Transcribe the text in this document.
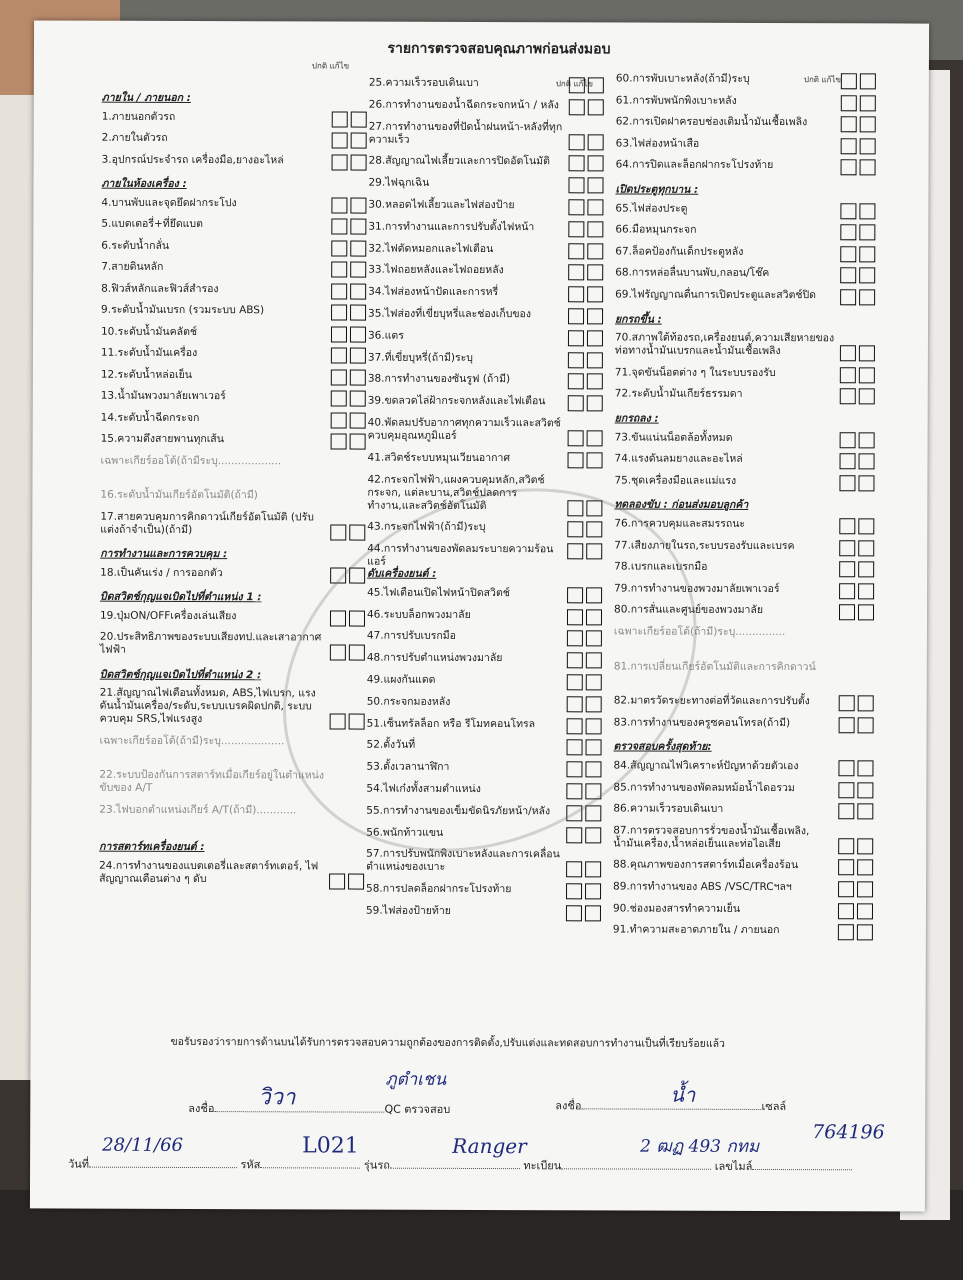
รายการตรวจสอบคุณภาพก่อนส่งมอบ
ปกติ แก้ไข
ปกติ แก้ไข	ปกติ แก้ไข
ภายใน / ภายนอก :
1.ภายนอกตัวรถ
2.ภายในตัวรถ
3.อุปกรณ์ประจำรถ เครื่องมือ,ยางอะไหล่
ภายในห้องเครื่อง :
4.บานพับและจุดยึดฝากระโปง
5.แบตเตอรี่+ที่ยึดแบต
6.ระดับน้ำกลั่น
7.สายดินหลัก
8.ฟิวส์หลักและฟิวส์สำรอง
9.ระดับน้ำมันเบรก (รวมระบบ ABS)
10.ระดับน้ำมันคลัตช์
11.ระดับน้ำมันเครื่อง
12.ระดับน้ำหล่อเย็น
13.น้ำมันพวงมาลัยเพาเวอร์
14.ระดับน้ำฉีดกระจก
15.ความตึงสายพานทุกเส้น
เฉพาะเกียร์ออโต้(ถ้ามีระบุ...................
16.ระดับน้ำมันเกียร์อัตโนมัติ(ถ้ามี)
17.สายควบคุมการคิกดาวน์เกียร์อัตโนมัติ (ปรับแต่งถ้าจำเป็น)(ถ้ามี)
การทำงานและการควบคุม :
18.เป็นคันเร่ง / การออกตัว
บิดสวิตช์กุญแจเบิดไปที่ตำแหน่ง 1 :
19.ปุ่มON/OFFเครื่องเล่นเสียง
20.ประสิทธิภาพของระบบเสียงทป.และเสาอากาศไฟฟ้า
บิดสวิตช์กุญแจเบิดไปที่ตำแหน่ง 2 :
21.สัญญาณไฟเตือนทั้งหมด, ABS,ไฟเบรก, แรงดันน้ำมันเครื่อง/ระดับ,ระบบเบรคผิดปกติ, ระบบควบคุม SRS,ไฟแรงสูง
เฉพาะเกียร์ออโต้(ถ้ามี)ระบุ...................
22.ระบบป้องกันการสตาร์ทเมื่อเกียร์อยู่ในตำแหน่งขับของ A/T
23.ไฟบอกตำแหน่งเกียร์ A/T(ถ้ามี)............
การสตาร์ทเครื่องยนต์ :
24.การทำงานของแบตเตอรี่และสตาร์ทเตอร์, ไฟสัญญาณเตือนต่าง ๆ ดับ
25.ความเร็วรอบเดินเบา
26.การทำงานของน้ำฉีดกระจกหน้า / หลัง
27.การทำงานของที่ปัดน้ำฝนหน้า-หลังที่ทุกความเร็ว
28.สัญญาณไฟเลี้ยวและการปิดอัตโนมัติ
29.ไฟฉุกเฉิน
30.หลอดไฟเลี้ยวและไฟส่องป้าย
31.การทำงานและการปรับตั้งไฟหน้า
32.ไฟตัดหมอกและไฟเตือน
33.ไฟถอยหลังและไฟถอยหลัง
34.ไฟส่องหน้าปัดและการหรี่
35.ไฟส่องที่เขี่ยบุหรี่และช่องเก็บของ
36.แตร
37.ที่เขี่ยบุหรี่(ถ้ามี)ระบุ
38.การทำงานของซันรูฟ (ถ้ามี)
39.ขดลวดไล่ฝ้ากระจกหลังและไฟเตือน
40.พัดลมปรับอากาศทุกความเร็วและสวิตช์ควบคุมอุณหภูมิแอร์
41.สวิตช์ระบบหมุนเวียนอากาศ
42.กระจกไฟฟ้า,แผงควบคุมหลัก,สวิตช์กระจก, แต่ละบาน,สวิตช์ปลดการทำงาน,และสวิตช์อัตโนมัติ
43.กระจกไฟฟ้า(ถ้ามี)ระบุ
44.การทำงานของพัดลมระบายความร้อนแอร์
ดับเครื่องยนต์ :
45.ไฟเตือนเปิดไฟหน้าปิดสวิตช์
46.ระบบล็อกพวงมาลัย
47.การปรับเบรกมือ
48.การปรับตำแหน่งพวงมาลัย
49.แผงกันแดด
50.กระจกมองหลัง
51.เซ็นทรัลล็อก หรือ รีโมทคอนโทรล
52.ตั้งวันที่
53.ตั้งเวลานาฬิกา
54.ไฟเก๋งทั้งสามตำแหน่ง
55.การทำงานของเข็มขัดนิรภัยหน้า/หลัง
56.พนักท้าวแขน
57.การปรับพนักพิงเบาะหลังและการเคลื่อนตำแหน่งของเบาะ
58.การปลดล็อกฝากระโปรงท้าย
59.ไฟส่องป้ายท้าย
60.การพับเบาะหลัง(ถ้ามี)ระบุ
61.การพับพนักพิงเบาะหลัง
62.การเปิดฝาครอบช่องเติมน้ำมันเชื้อเพลิง
63.ไฟส่องหน้าเสือ
64.การปิดและล็อกฝากระโปรงท้าย
เปิดประตูทุกบาน :
65.ไฟส่องประตู
66.มือหมุนกระจก
67.ล็อคป้องกันเด็กประตูหลัง
68.การหล่อลื่นบานพับ,กลอน/โช๊ค
69.ไฟรัญญาณตื่นการเปิดประตูและสวิตช์ปิด
ยกรถขึ้น :
70.สภาพใต้ท้องรถ,เครื่องยนต์,ความเสียหายของท่อทางน้ำมันเบรกและน้ำมันเชื้อเพลิง
71.จุดขันน็อตต่าง ๆ ในระบบรองรับ
72.ระดับน้ำมันเกียร์ธรรมดา
ยกรถลง :
73.ขันแน่นน็อตล้อทั้งหมด
74.แรงดันลมยางและอะไหล่
75.ชุดเครื่องมือและแม่แรง
ทดลองขับ : ก่อนส่งมอบลูกค้า
76.การควบคุมและสมรรถนะ
77.เสียงภายในรถ,ระบบรองรับและเบรค
78.เบรกและเบรกมือ
79.การทำงานของพวงมาลัยเพาเวอร์
80.การสั่นและศูนย์ของพวงมาลัย
เฉพาะเกียร์ออโต้(ถ้ามี)ระบุ...............
81.การเปลี่ยนเกียร์อัตโนมัติและการคิกดาวน์
82.มาตรวัดระยะทางต่อที่วัดและการปรับตั้ง
83.การทำงานของครูซคอนโทรล(ถ้ามี)
ตรวจสอบครั้งสุดท้าย:
84.สัญญาณไฟวิเคราะห์ปัญหาด้วยตัวเอง
85.การทำงานของพัดลมหม้อน้ำไดอรวม
86.ความเร็วรอบเดินเบา
87.การตรวจสอบการรั่วของน้ำมันเชื้อเพลิง, น้ำมันเครื่อง,น้ำหล่อเย็นและท่อไอเสีย
88.คุณภาพของการสตาร์ทเมื่อเครื่องร้อน
89.การทำงานของ ABS /VSC/TRCฯลฯ
90.ช่องมองสารทำความเย็น
91.ทำความสะอาดภายใน / ภายนอก
ขอรับรองว่ารายการด้านบนได้รับการตรวจสอบความถูกต้องของการติดตั้ง,ปรับแต่งและทดสอบการทำงานเป็นที่เรียบร้อยแล้ว
ภูตำเชน
ลงชื่อ	QC ตรวจสอบ
วิวา	ลงชื่อ	เซลล์
น้ำ
วันที่	รหัส	รุ่นรถ	ทะเบียน	เลขไมล์
28/11/66	L021	Ranger	2 ฒฏ 493 กทม
764196
